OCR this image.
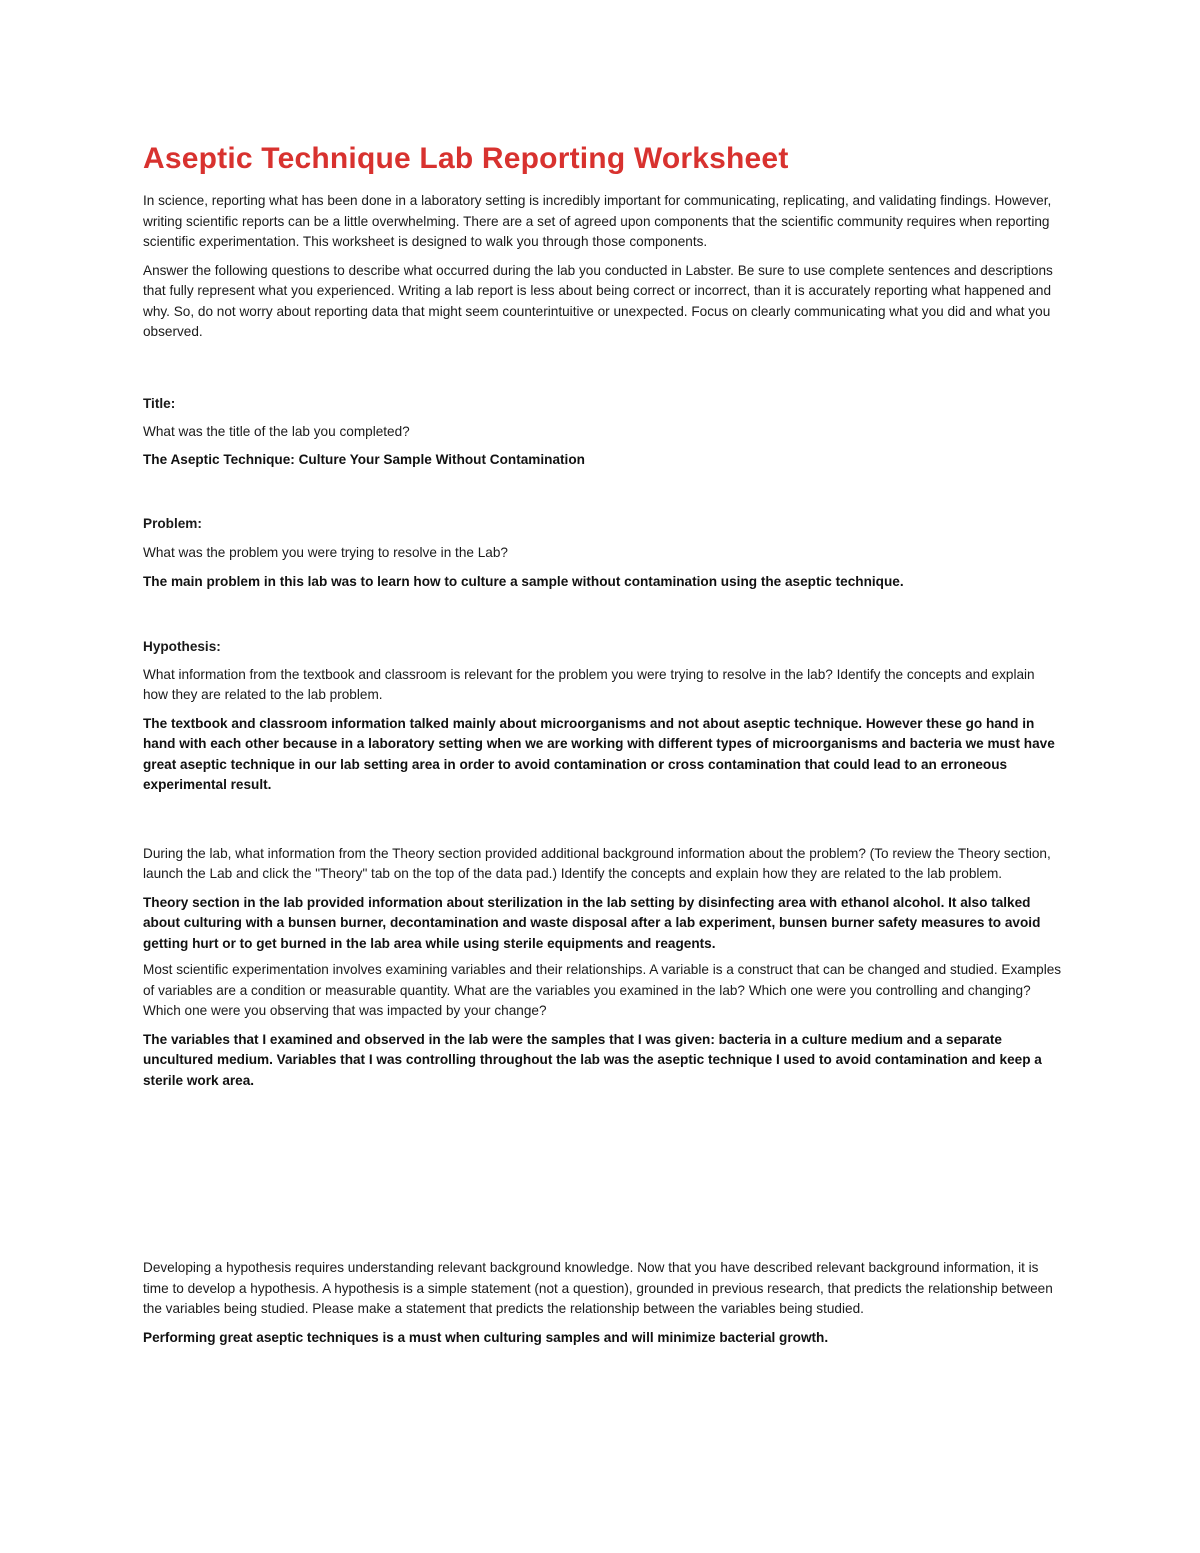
Aseptic Technique Lab Reporting Worksheet

In science, reporting what has been done in a laboratory setting is incredibly important for communicating, replicating, and validating findings. However, writing scientific reports can be a little overwhelming. There are a set of agreed upon components that the scientific community requires when reporting scientific experimentation. This worksheet is designed to walk you through those components.

Answer the following questions to describe what occurred during the lab you conducted in Labster. Be sure to use complete sentences and descriptions that fully represent what you experienced. Writing a lab report is less about being correct or incorrect, than it is accurately reporting what happened and why. So, do not worry about reporting data that might seem counterintuitive or unexpected. Focus on clearly communicating what you did and what you observed.

Title:

What was the title of the lab you completed?

The Aseptic Technique: Culture Your Sample Without Contamination

Problem:

What was the problem you were trying to resolve in the Lab?

The main problem in this lab was to learn how to culture a sample without contamination using the aseptic technique.

Hypothesis:

What information from the textbook and classroom is relevant for the problem you were trying to resolve in the lab? Identify the concepts and explain how they are related to the lab problem.

The textbook and classroom information talked mainly about microorganisms and not about aseptic technique. However these go hand in hand with each other because in a laboratory setting when we are working with different types of microorganisms and bacteria we must have great aseptic technique in our lab setting area in order to avoid contamination or cross contamination that could lead to an erroneous experimental result.

During the lab, what information from the Theory section provided additional background information about the problem? (To review the Theory section, launch the Lab and click the "Theory" tab on the top of the data pad.) Identify the concepts and explain how they are related to the lab problem.

Theory section in the lab provided information about sterilization in the lab setting by disinfecting area with ethanol alcohol. It also talked about culturing with a bunsen burner, decontamination and waste disposal after a lab experiment, bunsen burner safety measures to avoid getting hurt or to get burned in the lab area while using sterile equipments and reagents.

Most scientific experimentation involves examining variables and their relationships. A variable is a construct that can be changed and studied. Examples of variables are a condition or measurable quantity. What are the variables you examined in the lab? Which one were you controlling and changing? Which one were you observing that was impacted by your change?

The variables that I examined and observed in the lab were the samples that I was given: bacteria in a culture medium and a separate uncultured medium. Variables that I was controlling throughout the lab was the aseptic technique I used to avoid contamination and keep a sterile work area.

Developing a hypothesis requires understanding relevant background knowledge. Now that you have described relevant background information, it is time to develop a hypothesis. A hypothesis is a simple statement (not a question), grounded in previous research, that predicts the relationship between the variables being studied. Please make a statement that predicts the relationship between the variables being studied.

Performing great aseptic techniques is a must when culturing samples and will minimize bacterial growth.
